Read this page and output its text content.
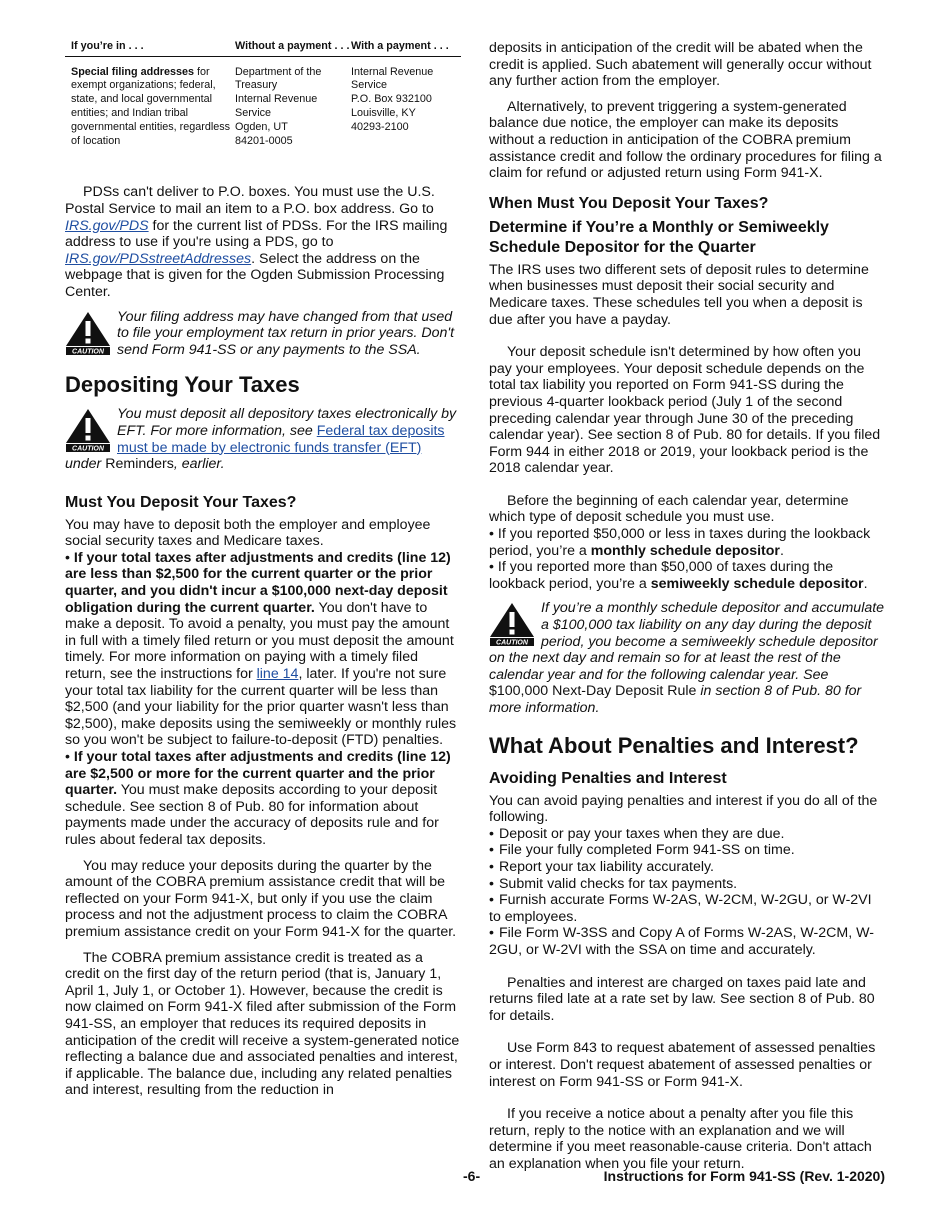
If you’re in . . .	Without a payment . . . With a payment . . .
Special filing addresses for exempt organizations; federal, state, and local governmental entities; and Indian tribal governmental entities, regardless of location

Department of the

Treasury

Internal Revenue

Service

Ogden, UT

84201-0005

Internal Revenue

Service

P.O. Box 932100

Louisville, KY

40293-2100

PDSs can't deliver to P.O. boxes. You must use the U.S. Postal Service to mail an item to a P.O. box address. Go to IRS.gov/PDS for the current list of PDSs. For the IRS mailing address to use if you're using a PDS, go to IRS.gov/PDSstreetAddresses. Select the address on the webpage that is given for the Ogden Submission Processing Center.

CAUTION
Your filing address may have changed from that used to file your employment tax return in prior years. Don't send Form 941-SS or any payments to the SSA.
Depositing Your Taxes
CAUTION
You must deposit all depository taxes electronically by EFT. For more information, see Federal tax deposits must be made by electronic funds transfer (EFT) under Reminders, earlier.
Must You Deposit Your Taxes?

You may have to deposit both the employer and employee social security taxes and Medicare taxes.

• If your total taxes after adjustments and credits (line 12) are less than $2,500 for the current quarter or the prior quarter, and you didn't incur a $100,000 next-day deposit obligation during the current quarter. You don't have to make a deposit. To avoid a penalty, you must pay the amount in full with a timely filed return or you must deposit the amount timely. For more information on paying with a timely filed return, see the instructions for line 14, later. If you're not sure your total tax liability for the current quarter will be less than $2,500 (and your liability for the prior quarter wasn't less than $2,500), make deposits using the semiweekly or monthly rules so you won't be subject to failure-to-deposit (FTD) penalties.

• If your total taxes after adjustments and credits (line 12) are $2,500 or more for the current quarter and the prior quarter. You must make deposits according to your deposit schedule. See section 8 of Pub. 80 for information about payments made under the accuracy of deposits rule and for rules about federal tax deposits.

You may reduce your deposits during the quarter by the amount of the COBRA premium assistance credit that will be reflected on your Form 941-X, but only if you use the claim process and not the adjustment process to claim the COBRA premium assistance credit on your Form 941-X for the quarter.

The COBRA premium assistance credit is treated as a credit on the first day of the return period (that is, January 1, April 1, July 1, or October 1). However, because the credit is now claimed on Form 941-X filed after submission of the Form 941-SS, an employer that reduces its required deposits in anticipation of the credit will receive a system-generated notice reflecting a balance due and associated penalties and interest, if applicable. The balance due, including any related penalties and interest, resulting from the reduction in

deposits in anticipation of the credit will be abated when the credit is applied. Such abatement will generally occur without any further action from the employer.

Alternatively, to prevent triggering a system-generated balance due notice, the employer can make its deposits without a reduction in anticipation of the COBRA premium assistance credit and follow the ordinary procedures for filing a claim for refund or adjusted return using Form 941-X.

When Must You Deposit Your Taxes?
Determine if You’re a Monthly or Semiweekly Schedule Depositor for the Quarter

The IRS uses two different sets of deposit rules to determine when businesses must deposit their social security and Medicare taxes. These schedules tell you when a deposit is due after you have a payday.

Your deposit schedule isn't determined by how often you pay your employees. Your deposit schedule depends on the total tax liability you reported on Form 941-SS during the previous 4-quarter lookback period (July 1 of the second preceding calendar year through June 30 of the preceding calendar year). See section 8 of Pub. 80 for details. If you filed Form 944 in either 2018 or 2019, your lookback period is the 2018 calendar year.

Before the beginning of each calendar year, determine which type of deposit schedule you must use.

• If you reported $50,000 or less in taxes during the lookback period, you’re a monthly schedule depositor.

• If you reported more than $50,000 of taxes during the lookback period, you’re a semiweekly schedule depositor.

CAUTION
If you’re a monthly schedule depositor and accumulate a $100,000 tax liability on any day during the deposit period, you become a semiweekly schedule depositor on the next day and remain so for at least the rest of the calendar year and for the following calendar year. See $100,000 Next-Day Deposit Rule in section 8 of Pub. 80 for more information.
What About Penalties and Interest?
Avoiding Penalties and Interest

You can avoid paying penalties and interest if you do all of the following.

• Deposit or pay your taxes when they are due.
• File your fully completed Form 941-SS on time.
• Report your tax liability accurately.
• Submit valid checks for tax payments.
• Furnish accurate Forms W-2AS, W-2CM, W-2GU, or W-2VI to employees.
• File Form W-3SS and Copy A of Forms W-2AS, W-2CM, W-2GU, or W-2VI with the SSA on time and accurately.

Penalties and interest are charged on taxes paid late and returns filed late at a rate set by law. See section 8 of Pub. 80 for details.

Use Form 843 to request abatement of assessed penalties or interest. Don't request abatement of assessed penalties or interest on Form 941-SS or Form 941-X.

If you receive a notice about a penalty after you file this return, reply to the notice with an explanation and we will determine if you meet reasonable-cause criteria. Don't attach an explanation when you file your return.

-6-	Instructions for Form 941-SS (Rev. 1-2020)
